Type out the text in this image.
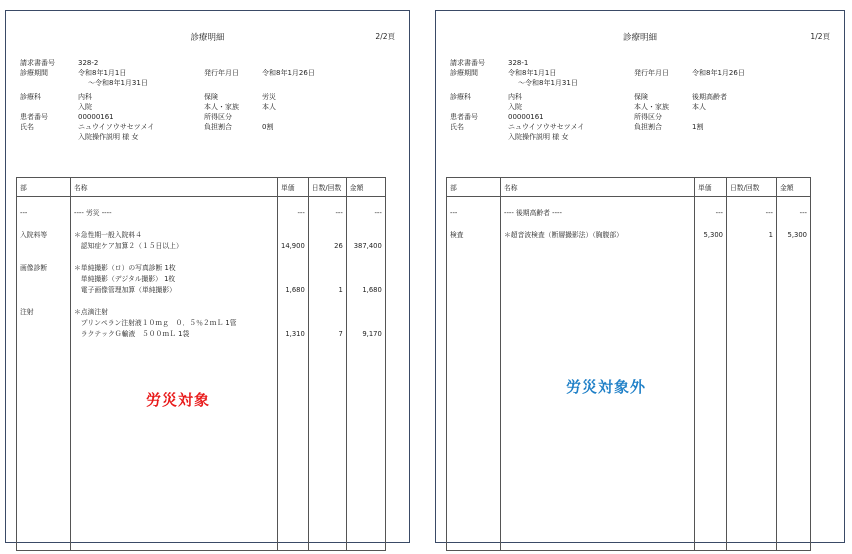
診療明細	2/2頁
請求書番号	328-2
診療期間	令和8年1月1日	発行年月日	令和8年1月26日
～令和8年1月31日
診療科	内科	保険	労災
入院	本人・家族	本人
患者番号	00000161	所得区分
氏名	ニュウイソウサセツメイ	負担割合	0割
入院操作説明 様 女
部	名称	単価	日数/回数	金額

---	---- 労災 ----	---	---	---

入院料等	＊急性期一般入院料４			
	　認知症ケア加算２（１５日以上）	14,900	26	387,400

画像診断	＊単純撮影（ロ）の写真診断 1枚			
	　単純撮影（デジタル撮影） 1枚			
	　電子画像管理加算（単純撮影）	1,680	1	1,680

注射	＊点滴注射			
	　プリンペラン注射液１０ｍｇ　０．５％２ｍＬ 1管			
	　ラクテックＧ輸液　５００ｍＬ 1袋	1,310	7	9,170

労災対象
診療明細	1/2頁
請求書番号	328-1
診療期間	令和8年1月1日	発行年月日	令和8年1月26日
～令和8年1月31日
診療科	内科	保険	後期高齢者
入院	本人・家族	本人
患者番号	00000161	所得区分
氏名	ニュウイソウサセツメイ	負担割合	1割
入院操作説明 様 女
部	名称	単価	日数/回数	金額

---	---- 後期高齢者 ----	---	---	---

検査	＊超音波検査（断層撮影法）（胸腹部）	5,300	1	5,300

労災対象外
